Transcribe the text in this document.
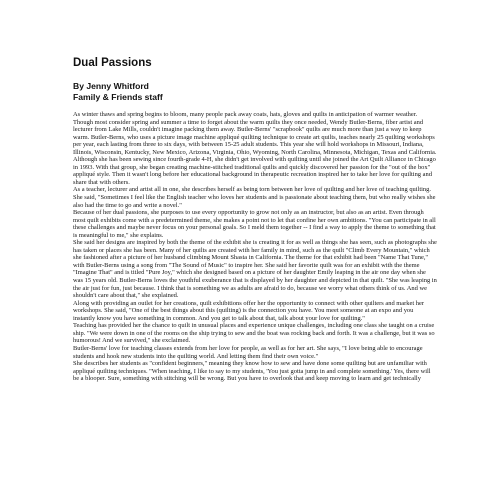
Dual Passions
By Jenny Whitford
Family & Friends staff

As winter thaws and spring begins to bloom, many people pack away coats, hats, gloves and quilts in anticipation of warmer weather. Though most consider spring and summer a time to forget about the warm quilts they once needed, Wendy Butler-Berns, fiber artist and lecturer from Lake Mills, couldn't imagine packing them away. Butler-Berns' "scrapbook" quilts are much more than just a way to keep warm. Butler-Berns, who uses a picture image machine appliqué quilting technique to create art quilts, teaches nearly 25 quilting workshops per year, each lasting from three to six days, with between 15-25 adult students. This year she will hold workshops in Missouri, Indiana, Illinois, Wisconsin, Kentucky, New Mexico, Arizona, Virginia, Ohio, Wyoming, North Carolina, Minnesota, Michigan, Texas and California. Although she has been sewing since fourth-grade 4-H, she didn't get involved with quilting until she joined the Art Quilt Alliance in Chicago in 1993. With that group, she began creating machine-stitched traditional quilts and quickly discovered her passion for the "out of the box" appliqué style. Then it wasn't long before her educational background in therapeutic recreation inspired her to take her love for quilting and share that with others.

As a teacher, lecturer and artist all in one, she describes herself as being torn between her love of quilting and her love of teaching quilting. She said, "Sometimes I feel like the English teacher who loves her students and is passionate about teaching them, but who really wishes she also had the time to go and write a novel."

Because of her dual passions, she purposes to use every opportunity to grow not only as an instructor, but also as an artist. Even through most quilt exhibits come with a predetermined theme, she makes a point not to let that confine her own ambitions. "You can participate in all these challenges and maybe never focus on your personal goals. So I meld them together -- I find a way to apply the theme to something that is meaningful to me," she explains.

She said her designs are inspired by both the theme of the exhibit she is creating it for as well as things she has seen, such as photographs she has taken or places she has been. Many of her quilts are created with her family in mind, such as the quilt "Climb Every Mountain," which she fashioned after a picture of her husband climbing Mount Shasta in California. The theme for that exhibit had been "Name That Tune," with Butler-Berns using a song from "The Sound of Music" to inspire her. She said her favorite quilt was for an exhibit with the theme "Imagine That" and is titled "Pure Joy," which she designed based on a picture of her daughter Emily leaping in the air one day when she was 15 years old. Butler-Berns loves the youthful exuberance that is displayed by her daughter and depicted in that quilt. "She was leaping in the air just for fun, just because. I think that is something we as adults are afraid to do, because we worry what others think of us. And we shouldn't care about that," she explained.

Along with providing an outlet for her creations, quilt exhibitions offer her the opportunity to connect with other quilters and market her workshops. She said, "One of the best things about this (quilting) is the connection you have. You meet someone at an expo and you instantly know you have something in common. And you get to talk about that, talk about your love for quilting."

Teaching has provided her the chance to quilt in unusual places and experience unique challenges, including one class she taught on a cruise ship. "We were down in one of the rooms on the ship trying to sew and the boat was rocking back and forth. It was a challenge, but it was so humorous! And we survived," she exclaimed.

Butler-Berns' love for teaching classes extends from her love for people, as well as for her art. She says, "I love being able to encourage students and hook new students into the quilting world. And letting them find their own voice."

She describes her students as "confident beginners," meaning they know how to sew and have done some quilting but are unfamiliar with appliqué quilting techniques. "When teaching, I like to say to my students, 'You just gotta jump in and complete something.' Yes, there will be a blooper. Sure, something with stitching will be wrong. But you have to overlook that and keep moving to learn and get technically
